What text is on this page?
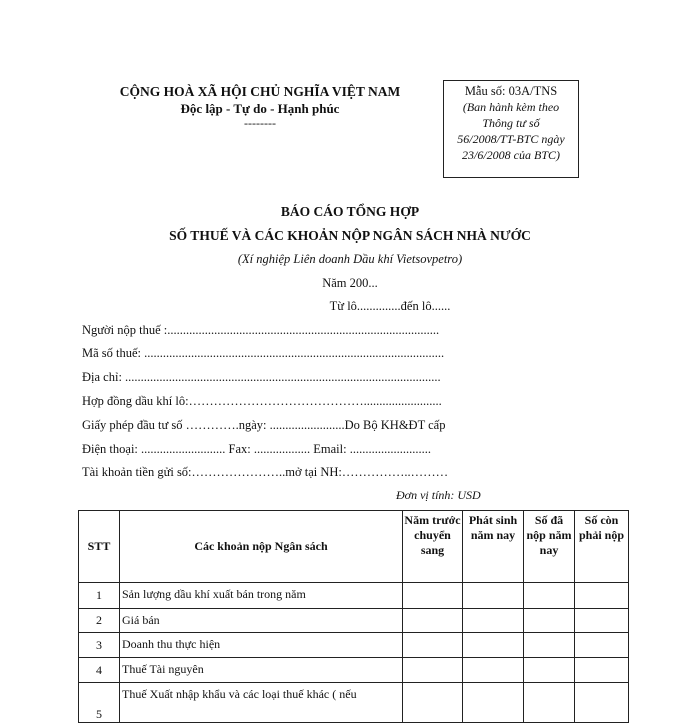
CỘNG HOÀ XÃ HỘI CHỦ NGHĨA VIỆT NAM
Độc lập - Tự do - Hạnh phúc
--------
Mẫu số: 03A/TNS
(Ban hành kèm theo
Thông tư số
56/2008/TT-BTC ngày
23/6/2008 của BTC)
BÁO CÁO TỔNG HỢP
SỐ THUẾ VÀ CÁC KHOẢN NỘP NGÂN SÁCH NHÀ NƯỚC
(Xí nghiệp Liên doanh Dầu khí Vietsovpetro)
Năm 200...
Từ lô..............đến lô......
Người nộp thuế :.......................................................................................
Mã số thuế: ................................................................................................
Địa chỉ: .....................................................................................................
Hợp đồng dầu khí lô:…………………………………….........................
Giấy phép đầu tư số ………….ngày: ........................Do Bộ KH&ĐT cấp
Điện thoại: ........................... Fax: .................. Email: ..........................
Tài khoản tiền gửi số:…………………..mở tại NH:……………..………
Đơn vị tính: USD
STT	Các khoản nộp Ngân sách	Năm trước chuyển sang	Phát sinh năm nay	Số đã nộp năm nay	Số còn phải nộp
1	Sản lượng dầu khí xuất bán trong năm				
2	Giá bán				
3	Doanh thu thực hiện				
4	Thuế Tài nguyên				
5	Thuế Xuất nhập khẩu và các loại thuế khác ( nếu				
